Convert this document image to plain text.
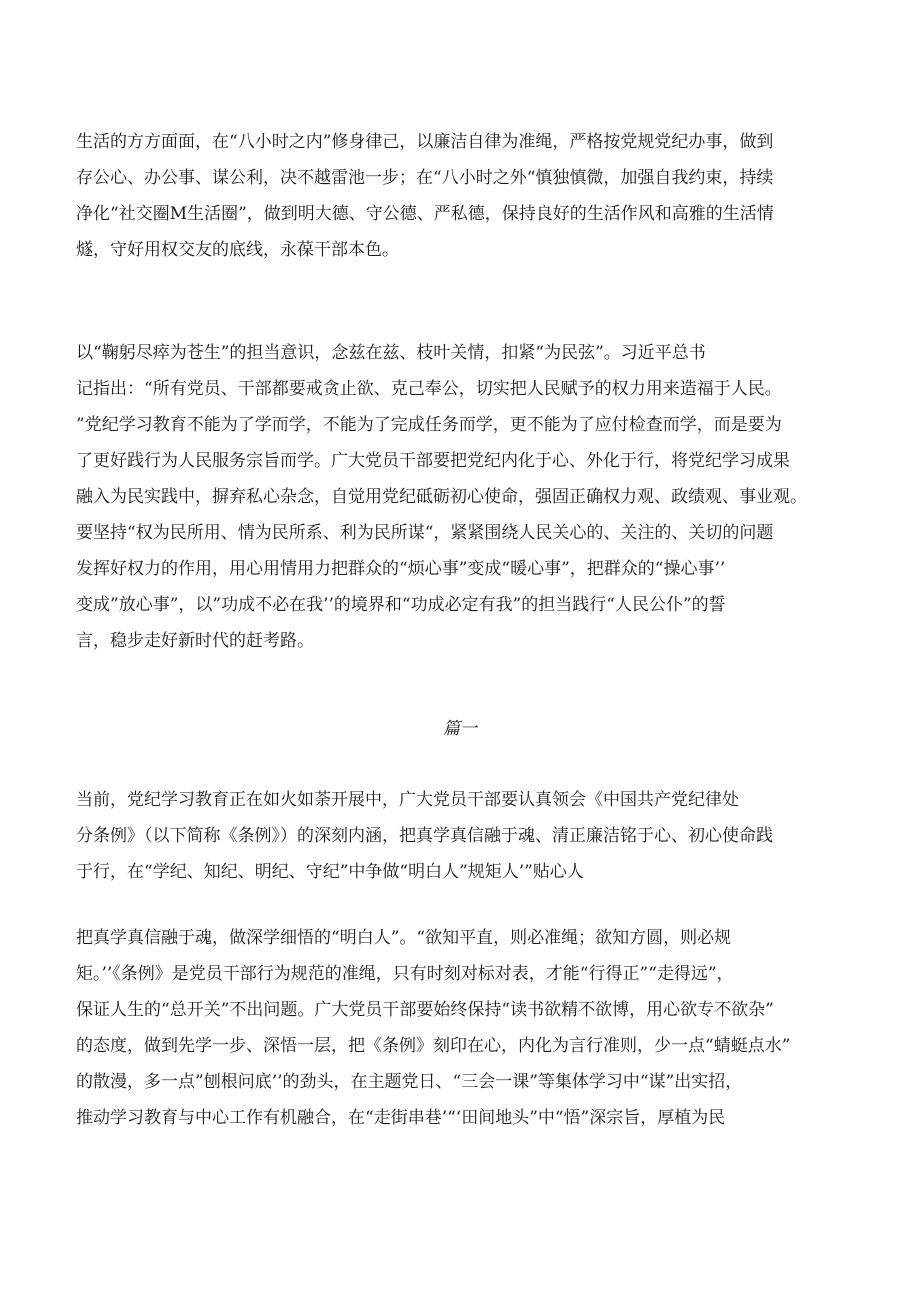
生活的方方面面，在“八小时之内”修身律己，以廉洁自律为准绳，严格按党规党纪办事，做到
存公心、办公事、谋公利，决不越雷池一步；在“八小时之外“慎独慎微，加强自我约束，持续
净化“社交圈M生活圈”，做到明大德、守公德、严私德，保持良好的生活作风和高雅的生活情
燧，守好用权交友的底线，永葆干部本色。
以“鞠躬尽瘁为苍生”的担当意识，念兹在兹、枝叶关情，扣紧“为民弦”。习近平总书
记指出：“所有党员、干部都要戒贪止欲、克己奉公，切实把人民赋予的权力用来造福于人民。
”党纪学习教育不能为了学而学，不能为了完成任务而学，更不能为了应付检查而学，而是要为
了更好践行为人民服务宗旨而学。广大党员干部要把党纪内化于心、外化于行，将党纪学习成果
融入为民实践中，摒弃私心杂念，自觉用党纪砥砺初心使命，强固正确权力观、政绩观、事业观。
要坚持“权为民所用、情为民所系、利为民所谋“，紧紧围绕人民关心的、关注的、关切的问题
发挥好权力的作用，用心用情用力把群众的“烦心事”变成“暖心事”，把群众的“操心事’’
变成”放心事”，以”功成不必在我’’的境界和“功成必定有我”的担当践行“人民公仆”的誓
言，稳步走好新时代的赶考路。

篇一

当前，党纪学习教育正在如火如荼开展中，广大党员干部要认真领会《中国共产党纪律处
分条例》（以下简称《条例》）的深刻内涵，把真学真信融于魂、清正廉洁铭于心、初心使命践
于行，在“学纪、知纪、明纪、守纪”中争做“明白人”规矩人’”贴心人
把真学真信融于魂，做深学细悟的“明白人”。“欲知平直，则必准绳；欲知方圆，则必规
矩。’’《条例》是党员干部行为规范的准绳，只有时刻对标对表，才能“行得正”“走得远”，
保证人生的“总开关”不出问题。广大党员干部要始终保持“读书欲精不欲博，用心欲专不欲杂”
的态度，做到先学一步、深悟一层，把《条例》刻印在心，内化为言行准则，少一点“蜻蜓点水”
的散漫，多一点”刨根问底’’的劲头，在主题党日、“三会一课”等集体学习中“谋”出实招，
推动学习教育与中心工作有机融合，在“走街串巷’“‘田间地头”中“悟”深宗旨，厚植为民
